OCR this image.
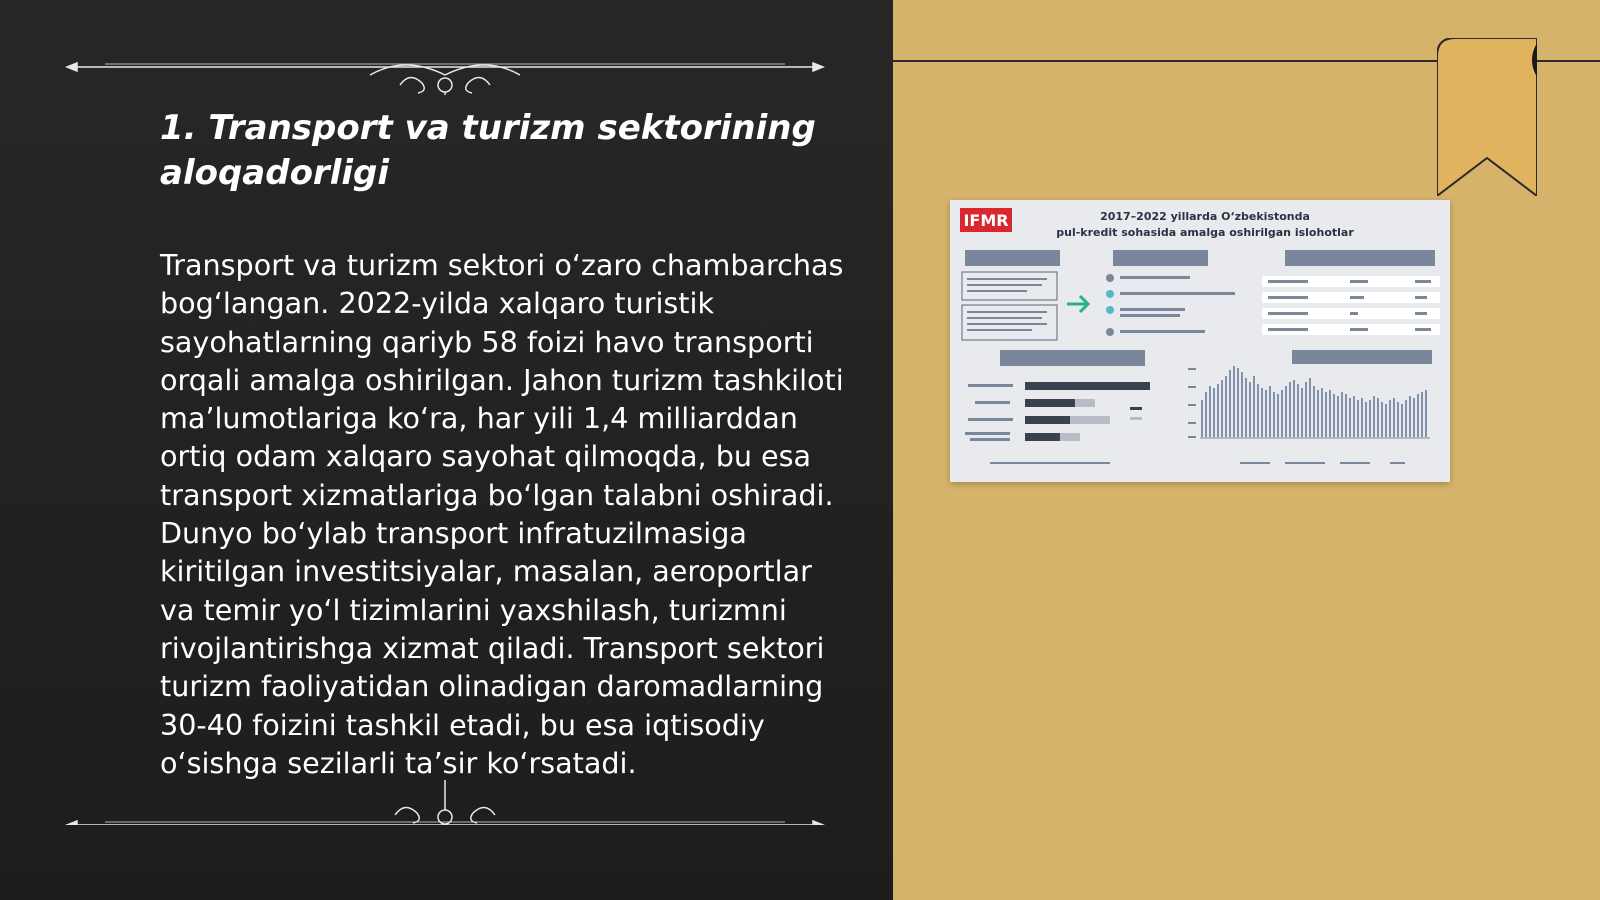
1. Transport va turizm sektorining aloqadorligi

Transport va turizm sektori o‘zaro chambarchas bog‘langan. 2022-yilda xalqaro turistik sayohatlarning qariyb 58 foizi havo transporti orqali amalga oshirilgan. Jahon turizm tashkiloti ma’lumotlariga ko‘ra, har yili 1,4 milliarddan ortiq odam xalqaro sayohat qilmoqda, bu esa transport xizmatlariga bo‘lgan talabni oshiradi. Dunyo bo‘ylab transport infratuzilmasiga kiritilgan investitsiyalar, masalan, aeroportlar va temir yo‘l tizimlarini yaxshilash, turizmni rivojlantirishga xizmat qiladi. Transport sektori turizm faoliyatidan olinadigan daromadlarning 30-40 foizini tashkil etadi, bu esa iqtisodiy o‘sishga sezilarli ta’sir ko‘rsatadi.

IFMR	2017–2022 yillarda O‘zbekistonda
pul-kredit sohasida amalga oshirilgan islohotlar
